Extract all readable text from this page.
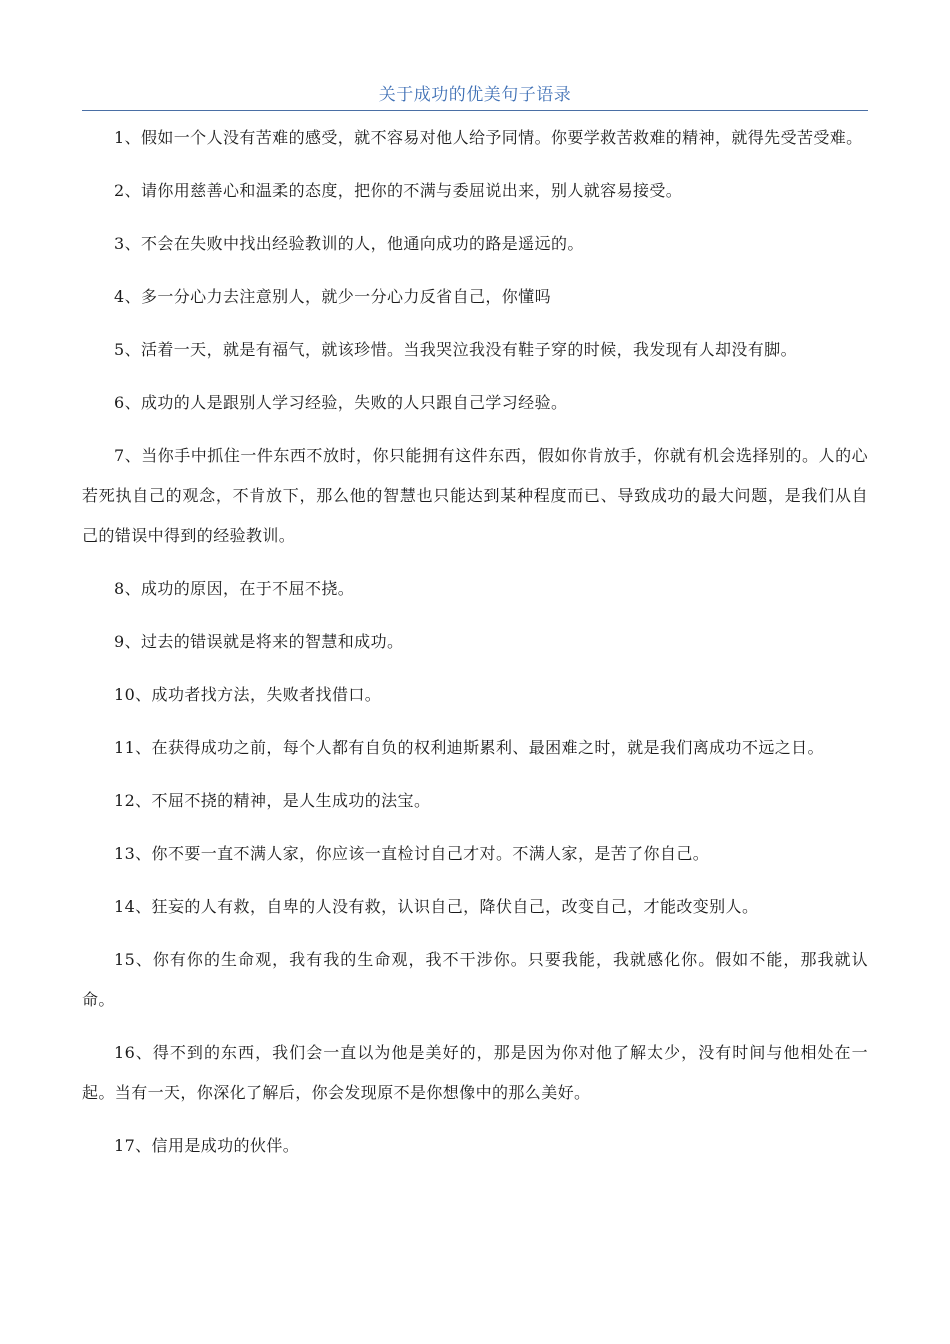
关于成功的优美句子语录

1、假如一个人没有苦难的感受，就不容易对他人给予同情。你要学救苦救难的精神，就得先受苦受难。

2、请你用慈善心和温柔的态度，把你的不满与委屈说出来，别人就容易接受。

3、不会在失败中找出经验教训的人，他通向成功的路是遥远的。

4、多一分心力去注意别人，就少一分心力反省自己，你懂吗

5、活着一天，就是有福气，就该珍惜。当我哭泣我没有鞋子穿的时候，我发现有人却没有脚。

6、成功的人是跟别人学习经验，失败的人只跟自己学习经验。

7、当你手中抓住一件东西不放时，你只能拥有这件东西，假如你肯放手，你就有机会选择别的。人的心若死执自己的观念，不肯放下，那么他的智慧也只能达到某种程度而已、导致成功的最大问题，是我们从自己的错误中得到的经验教训。

8、成功的原因，在于不屈不挠。

9、过去的错误就是将来的智慧和成功。

10、成功者找方法，失败者找借口。

11、在获得成功之前，每个人都有自负的权利迪斯累利、最困难之时，就是我们离成功不远之日。

12、不屈不挠的精神，是人生成功的法宝。

13、你不要一直不满人家，你应该一直检讨自己才对。不满人家，是苦了你自己。

14、狂妄的人有救，自卑的人没有救，认识自己，降伏自己，改变自己，才能改变别人。

15、你有你的生命观，我有我的生命观，我不干涉你。只要我能，我就感化你。假如不能，那我就认命。

16、得不到的东西，我们会一直以为他是美好的，那是因为你对他了解太少，没有时间与他相处在一起。当有一天，你深化了解后，你会发现原不是你想像中的那么美好。

17、信用是成功的伙伴。
